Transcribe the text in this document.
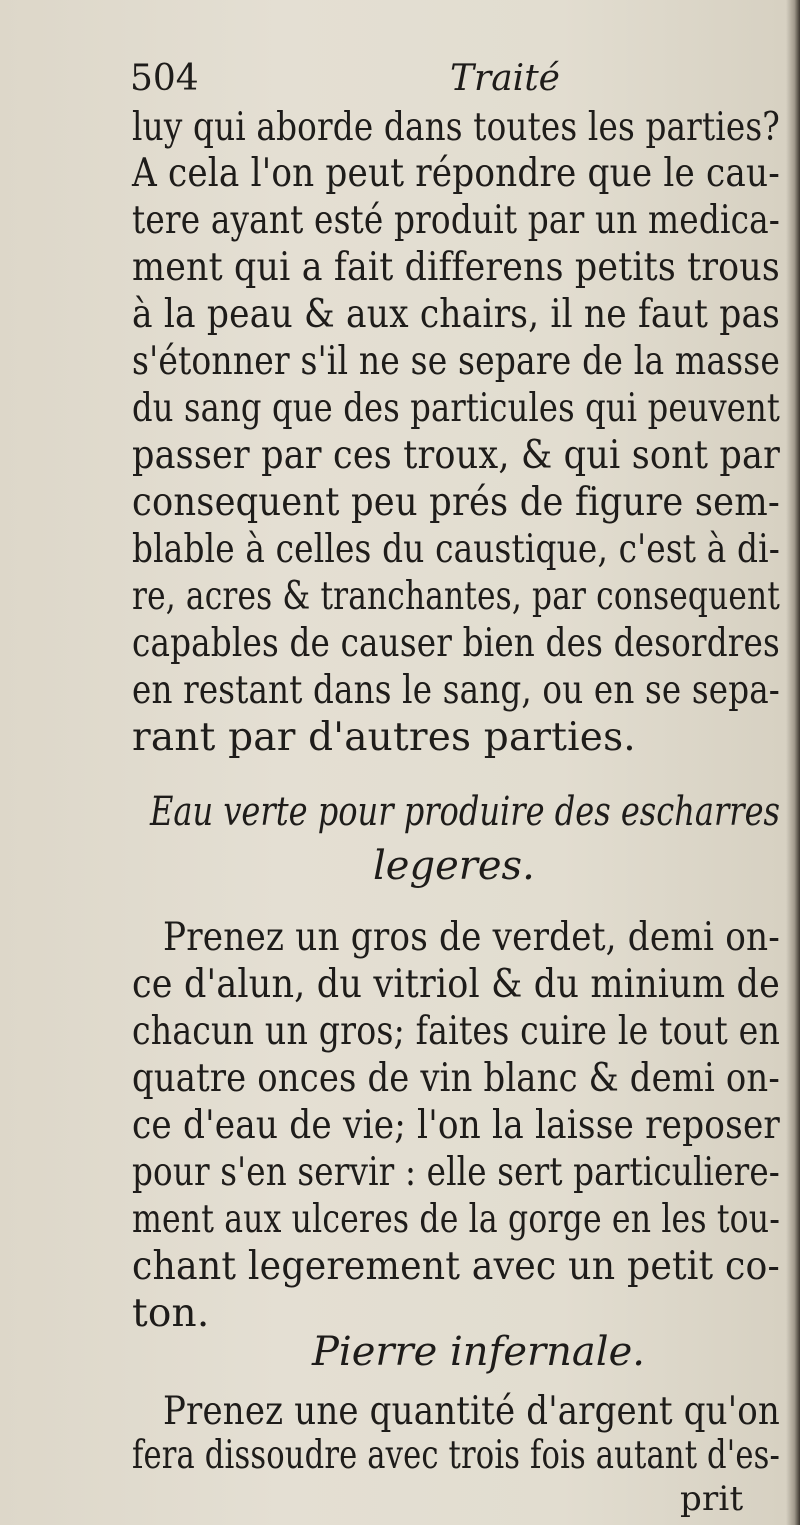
504	Traité
luy qui aborde dans toutes les parties?
A cela l'on peut répondre que le cau-
tere ayant esté produit par un medica-
ment qui a fait differens petits trous
à la peau & aux chairs, il ne faut pas
s'étonner s'il ne se separe de la masse
du sang que des particules qui peuvent
passer par ces troux, & qui sont par
consequent peu prés de figure sem-
blable à celles du caustique, c'est à di-
re, acres & tranchantes, par consequent
capables de causer bien des desordres
en restant dans le sang, ou en se sepa-
rant par d'autres parties.
Eau verte pour produire des escharres
legeres.
Prenez un gros de verdet, demi on-
ce d'alun, du vitriol & du minium de
chacun un gros; faites cuire le tout en
quatre onces de vin blanc & demi on-
ce d'eau de vie; l'on la laisse reposer
pour s'en servir : elle sert particuliere-
ment aux ulceres de la gorge en les tou-
chant legerement avec un petit co-
ton.
Pierre infernale.
Prenez une quantité d'argent qu'on
fera dissoudre avec trois fois autant d'es-
prit
